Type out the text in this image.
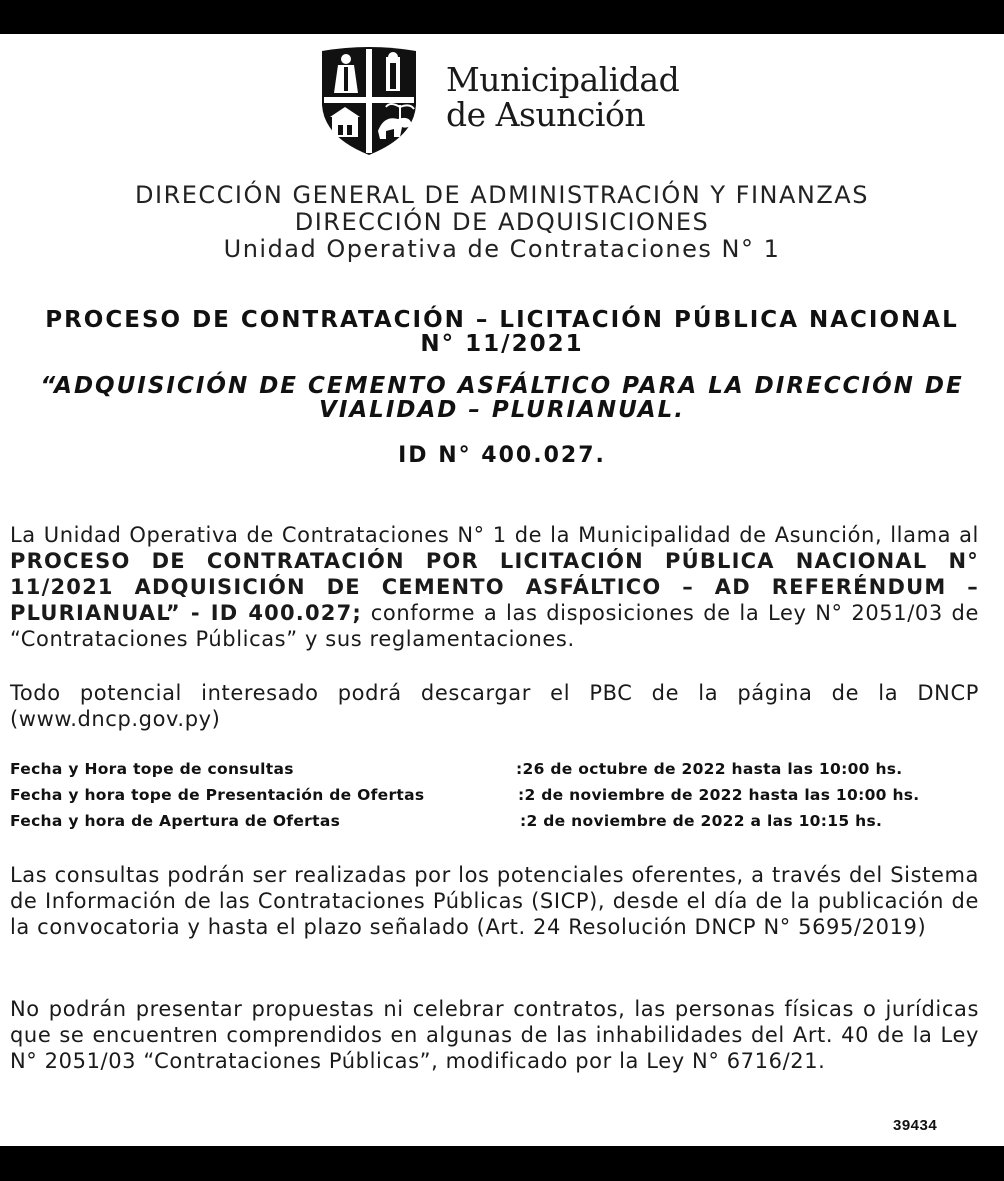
Municipalidad
de Asunción
DIRECCIÓN GENERAL DE ADMINISTRACIÓN Y FINANZAS
DIRECCIÓN DE ADQUISICIONES
Unidad Operativa de Contrataciones N° 1
PROCESO DE CONTRATACIÓN – LICITACIÓN PÚBLICA NACIONAL
N° 11/2021
“ADQUISICIÓN DE CEMENTO ASFÁLTICO PARA LA DIRECCIÓN DE
VIALIDAD – PLURIANUAL.
ID N° 400.027.
La Unidad Operativa de Contrataciones N° 1 de la Municipalidad de Asunción, llama al PROCESO DE CONTRATACIÓN POR LICITACIÓN PÚBLICA NACIONAL N° 11/2021 ADQUISICIÓN DE CEMENTO ASFÁLTICO – AD REFERÉNDUM – PLURIANUAL” - ID 400.027; conforme a las disposiciones de la Ley N° 2051/03 de “Contrataciones Públicas” y sus reglamentaciones.
Todo potencial interesado podrá descargar el PBC de la página de la DNCP (www.dncp.gov.py)
Fecha y Hora tope de consultas	:26 de octubre de 2022 hasta las 10:00 hs.
Fecha y hora tope de Presentación de Ofertas	:2 de noviembre de 2022 hasta las 10:00 hs.
Fecha y hora de Apertura de Ofertas	:2 de noviembre de 2022 a las 10:15 hs.
Las consultas podrán ser realizadas por los potenciales oferentes, a través del Sistema de Información de las Contrataciones Públicas (SICP), desde el día de la publicación de la convocatoria y hasta el plazo señalado (Art. 24 Resolución DNCP N° 5695/2019)
No podrán presentar propuestas ni celebrar contratos, las personas físicas o jurídicas que se encuentren comprendidos en algunas de las inhabilidades del Art. 40 de la Ley N° 2051/03 “Contrataciones Públicas”, modificado por la Ley N° 6716/21.
39434
